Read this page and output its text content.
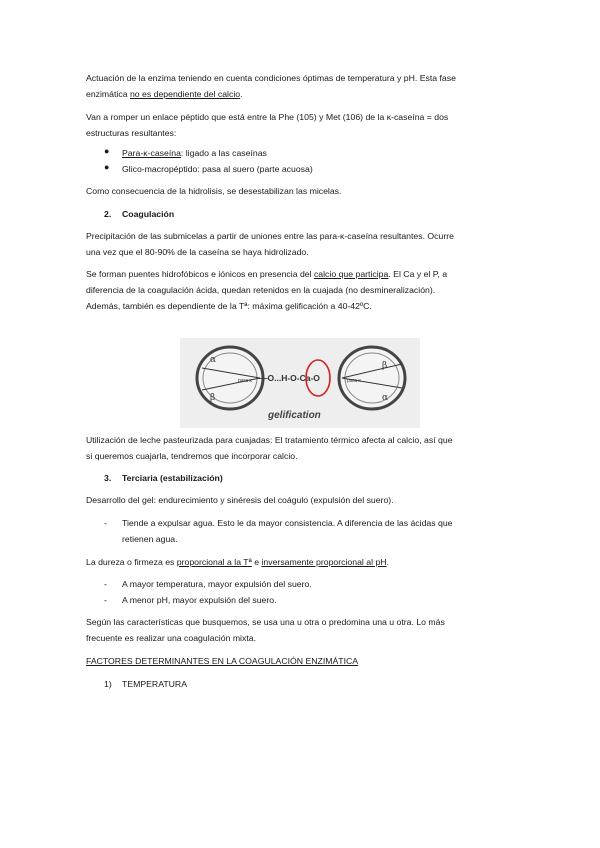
Actuación de la enzima teniendo en cuenta condiciones óptimas de temperatura y pH. Esta fase
enzimática no es dependiente del calcio.
Van a romper un enlace péptido que está entre la Phe (105) y Met (106) de la κ-caseína = dos
estructuras resultantes:
● Para-κ-caseína: ligado a las caseínas
● Glico-macropéptido: pasa al suero (parte acuosa)
Como consecuencia de la hidrolisis, se desestabilizan las micelas.
2. Coagulación
Precipitación de las submicelas a partir de uniones entre las para-κ-caseína resultantes. Ocurre
una vez que el 80-90% de la caseína se haya hidrolizado.
Se forman puentes hidrofóbicos e iónicos en presencia del calcio que participa. El Ca y el P, a
diferencia de la coagulación ácida, quedan retenidos en la cuajada (no desmineralización).
Además, también es dependiente de la Tª: máxima gelificación a 40-42ºC.
α
β
para κ —O...H-O-Ca-O	para κ
β
α
gelification
Utilización de leche pasteurizada para cuajadas: El tratamiento térmico afecta al calcio, así que
si queremos cuajarla, tendremos que incorporar calcio.
3. Terciaria (estabilización)
Desarrollo del gel: endurecimiento y sinéresis del coágulo (expulsión del suero).
- Tiende a expulsar agua. Esto le da mayor consistencia. A diferencia de las ácidas que
retienen agua.
La dureza o firmeza es proporcional a la Tª e inversamente proporcional al pH.
- A mayor temperatura, mayor expulsión del suero.
- A menor pH, mayor expulsión del suero.
Según las características que busquemos, se usa una u otra o predomina una u otra. Lo más
frecuente es realizar una coagulación mixta.
FACTORES DETERMINANTES EN LA COAGULACIÓN ENZIMÁTICA
1) TEMPERATURA
